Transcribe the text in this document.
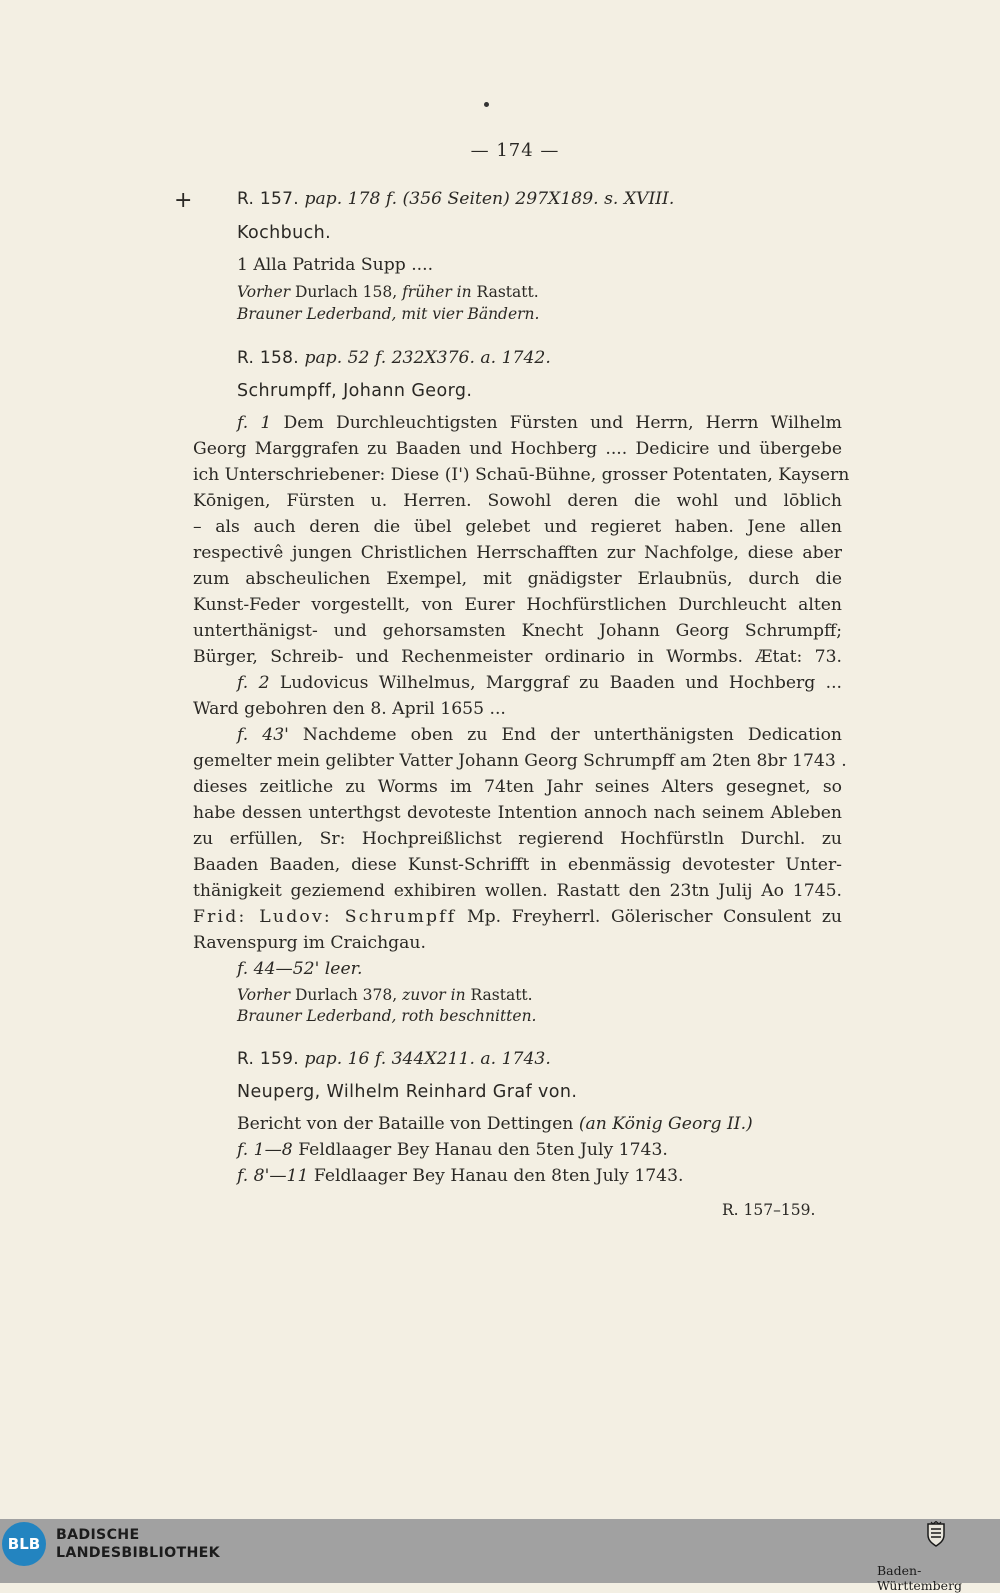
— 174 —
+	R. 157. pap. 178 f. (356 Seiten) 297X189. s. XVIII.
Kochbuch.
1 Alla Patrida Supp ....
Vorher Durlach 158, früher in Rastatt.
Brauner Lederband, mit vier Bändern.
R. 158. pap. 52 f. 232X376. a. 1742.
Schrumpff, Johann Georg.
f. 1 Dem Durchleuchtigsten Fürsten und Herrn, Herrn Wilhelm
Georg Marggrafen zu Baaden und Hochberg .... Dedicire und übergebe
ich Unterschriebener: Diese (I') Schaū-Bühne, grosser Potentaten, Kaysern
Kōnigen, Fürsten u. Herren. Sowohl deren die wohl und lōblich
– als auch deren die übel gelebet und regieret haben. Jene allen
respectivê jungen Christlichen Herrschafften zur Nachfolge, diese aber
zum abscheulichen Exempel, mit gnädigster Erlaubnüs, durch die
Kunst-Feder vorgestellt, von Eurer Hochfürstlichen Durchleucht alten
unterthänigst- und gehorsamsten Knecht Johann Georg Schrumpff;
Bürger, Schreib- und Rechenmeister ordinario in Wormbs. Ætat: 73.
f. 2 Ludovicus Wilhelmus, Marggraf zu Baaden und Hochberg ...
Ward gebohren den 8. April 1655 ...
f. 43' Nachdeme oben zu End der unterthänigsten Dedication
gemelter mein gelibter Vatter Johann Georg Schrumpff am 2ten 8br 1743 .
dieses zeitliche zu Worms im 74ten Jahr seines Alters gesegnet, so
habe dessen unterthgst devoteste Intention annoch nach seinem Ableben
zu erfüllen, Sr: Hochpreißlichst regierend Hochfürstln Durchl. zu
Baaden Baaden, diese Kunst-Schrifft in ebenmässig devotester Unter-
thänigkeit geziemend exhibiren wollen. Rastatt den 23tn Julij Ao 1745.
Frid: Ludov: Schrumpff Mp. Freyherrl. Gölerischer Consulent zu
Ravenspurg im Craichgau.
f. 44—52' leer.
Vorher Durlach 378, zuvor in Rastatt.
Brauner Lederband, roth beschnitten.
R. 159. pap. 16 f. 344X211. a. 1743.
Neuperg, Wilhelm Reinhard Graf von.
Bericht von der Bataille von Dettingen (an König Georg II.)
f. 1—8 Feldlaager Bey Hanau den 5ten July 1743.
f. 8'—11 Feldlaager Bey Hanau den 8ten July 1743.
R. 157–159.
BLB	BADISCHE
LANDESBIBLIOTHEK
Baden-Württemberg
